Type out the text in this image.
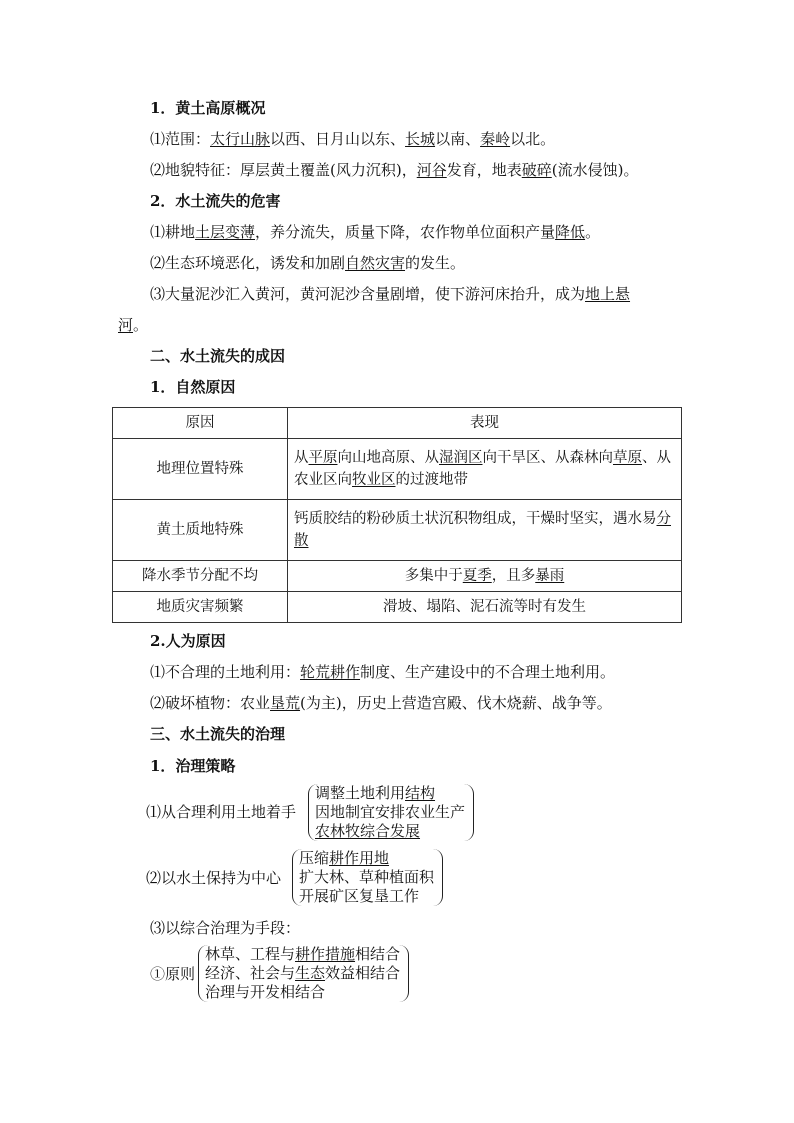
1．黄土高原概况
⑴范围：太行山脉以西、日月山以东、长城以南、秦岭以北。
⑵地貌特征：厚层黄土覆盖(风力沉积)，河谷发育，地表破碎(流水侵蚀)。
2．水土流失的危害
⑴耕地土层变薄，养分流失，质量下降，农作物单位面积产量降低。
⑵生态环境恶化，诱发和加剧自然灾害的发生。
⑶大量泥沙汇入黄河，黄河泥沙含量剧增，使下游河床抬升，成为地上悬
河。
二、水土流失的成因
1．自然原因
原因	表现
地理位置特殊	从平原向山地高原、从湿润区向干旱区、从森林向草原、从农业区向牧业区的过渡地带
黄土质地特殊	钙质胶结的粉砂质土状沉积物组成，干燥时坚实，遇水易分散
降水季节分配不均	多集中于夏季，且多暴雨
地质灾害频繁	滑坡、塌陷、泥石流等时有发生
2.人为原因
⑴不合理的土地利用：轮荒耕作制度、生产建设中的不合理土地利用。
⑵破坏植物：农业垦荒(为主)，历史上营造宫殿、伐木烧薪、战争等。
三、水土流失的治理
1．治理策略
⑴从合理利用土地着手
调整土地利用结构
因地制宜安排农业生产
农林牧综合发展
⑵以水土保持为中心
压缩耕作用地
扩大林、草种植面积
开展矿区复垦工作
⑶以综合治理为手段：
①原则
林草、工程与耕作措施相结合
经济、社会与生态效益相结合
治理与开发相结合
